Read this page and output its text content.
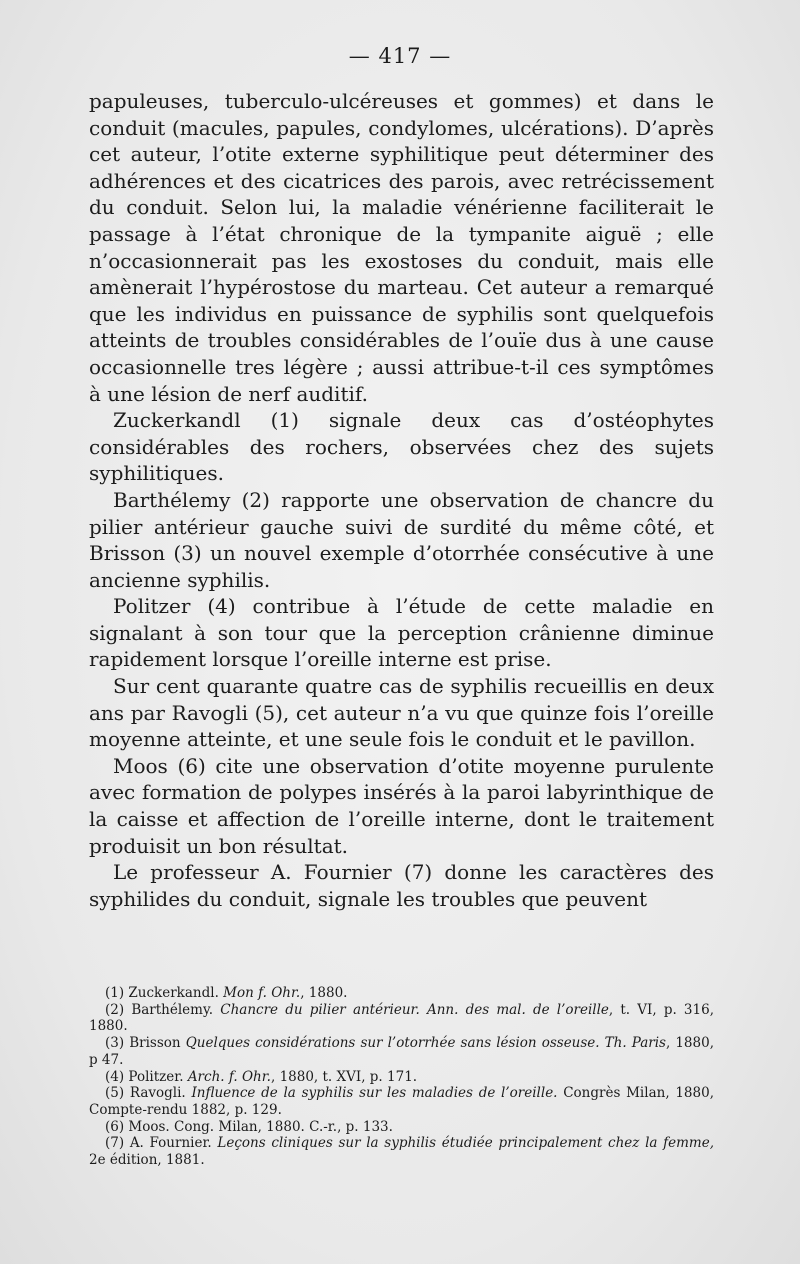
— 417 —

papuleuses, tuberculo-ulcéreuses et gommes) et dans le conduit (macules, papules, condylomes, ulcérations). D’après cet auteur, l’otite externe syphilitique peut déterminer des adhérences et des cicatrices des parois, avec retrécissement du conduit. Selon lui, la maladie vénérienne faciliterait le passage à l’état chronique de la tympanite aiguë ; elle n’occasionnerait pas les exostoses du conduit, mais elle amènerait l’hypérostose du marteau. Cet auteur a remarqué que les individus en puissance de syphilis sont quelquefois atteints de troubles considérables de l’ouïe dus à une cause occasionnelle tres légère ; aussi attribue-t-il ces symptômes à une lésion de nerf auditif.

Zuckerkandl (1) signale deux cas d’ostéophytes considérables des rochers, observées chez des sujets syphilitiques.

Barthélemy (2) rapporte une observation de chancre du pilier antérieur gauche suivi de surdité du même côté, et Brisson (3) un nouvel exemple d’otorrhée consécutive à une ancienne syphilis.

Politzer (4) contribue à l’étude de cette maladie en signalant à son tour que la perception crânienne diminue rapidement lorsque l’oreille interne est prise.

Sur cent quarante quatre cas de syphilis recueillis en deux ans par Ravogli (5), cet auteur n’a vu que quinze fois l’oreille moyenne atteinte, et une seule fois le conduit et le pavillon.

Moos (6) cite une observation d’otite moyenne purulente avec formation de polypes insérés à la paroi labyrinthique de la caisse et affection de l’oreille interne, dont le traitement produisit un bon résultat.

Le professeur A. Fournier (7) donne les caractères des syphilides du conduit, signale les troubles que peuvent

(1) Zuckerkandl. Mon f. Ohr., 1880.

(2) Barthélemy. Chancre du pilier antérieur. Ann. des mal. de l’oreille, t. VI, p. 316, 1880.

(3) Brisson Quelques considérations sur l’otorrhée sans lésion osseuse. Th. Paris, 1880, p 47.

(4) Politzer. Arch. f. Ohr., 1880, t. XVI, p. 171.

(5) Ravogli. Influence de la syphilis sur les maladies de l’oreille. Congrès Milan, 1880, Compte-rendu 1882, p. 129.

(6) Moos. Cong. Milan, 1880. C.-r., p. 133.

(7) A. Fournier. Leçons cliniques sur la syphilis étudiée principalement chez la femme, 2e édition, 1881.
